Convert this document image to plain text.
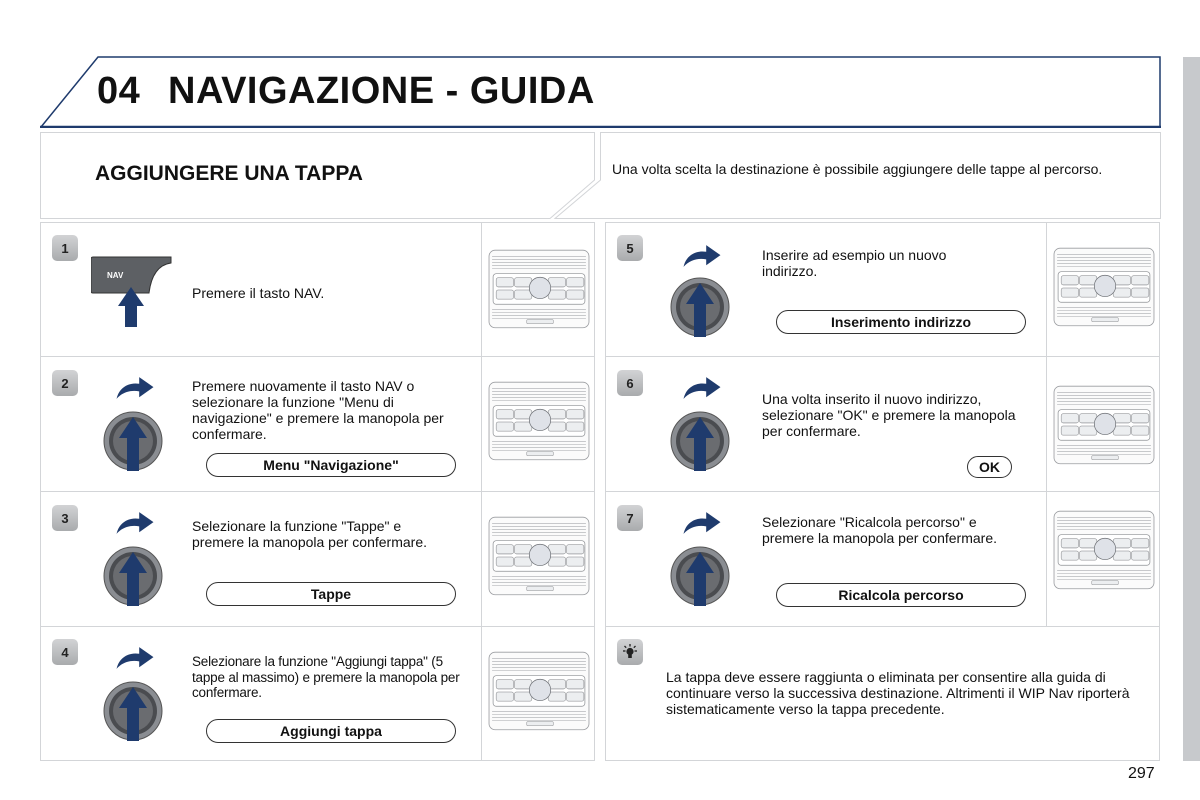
04 NAVIGAZIONE - GUIDA
AGGIUNGERE UNA TAPPA	Una volta scelta la destinazione è possibile aggiungere delle tappe al percorso.
1
NAV
Premere il tasto NAV.
2	Premere nuovamente il tasto NAV o selezionare la funzione "Menu di navigazione" e premere la manopola per confermare.
Menu "Navigazione"
3	Selezionare la funzione "Tappe" e premere la manopola per confermare.
Tappe
4
Selezionare la funzione "Aggiungi tappa" (5 tappe al massimo) e premere la manopola per confermare.
Aggiungi tappa
5	Inserire ad esempio un nuovo indirizzo.
Inserimento indirizzo
6
Una volta inserito il nuovo indirizzo, selezionare "OK" e premere la manopola per confermare.
OK
7	Selezionare "Ricalcola percorso" e premere la manopola per confermare.
Ricalcola percorso
La tappa deve essere raggiunta o eliminata per consentire alla guida di continuare verso la successiva destinazione. Altrimenti il WIP Nav riporterà sistematicamente verso la tappa precedente.
297
